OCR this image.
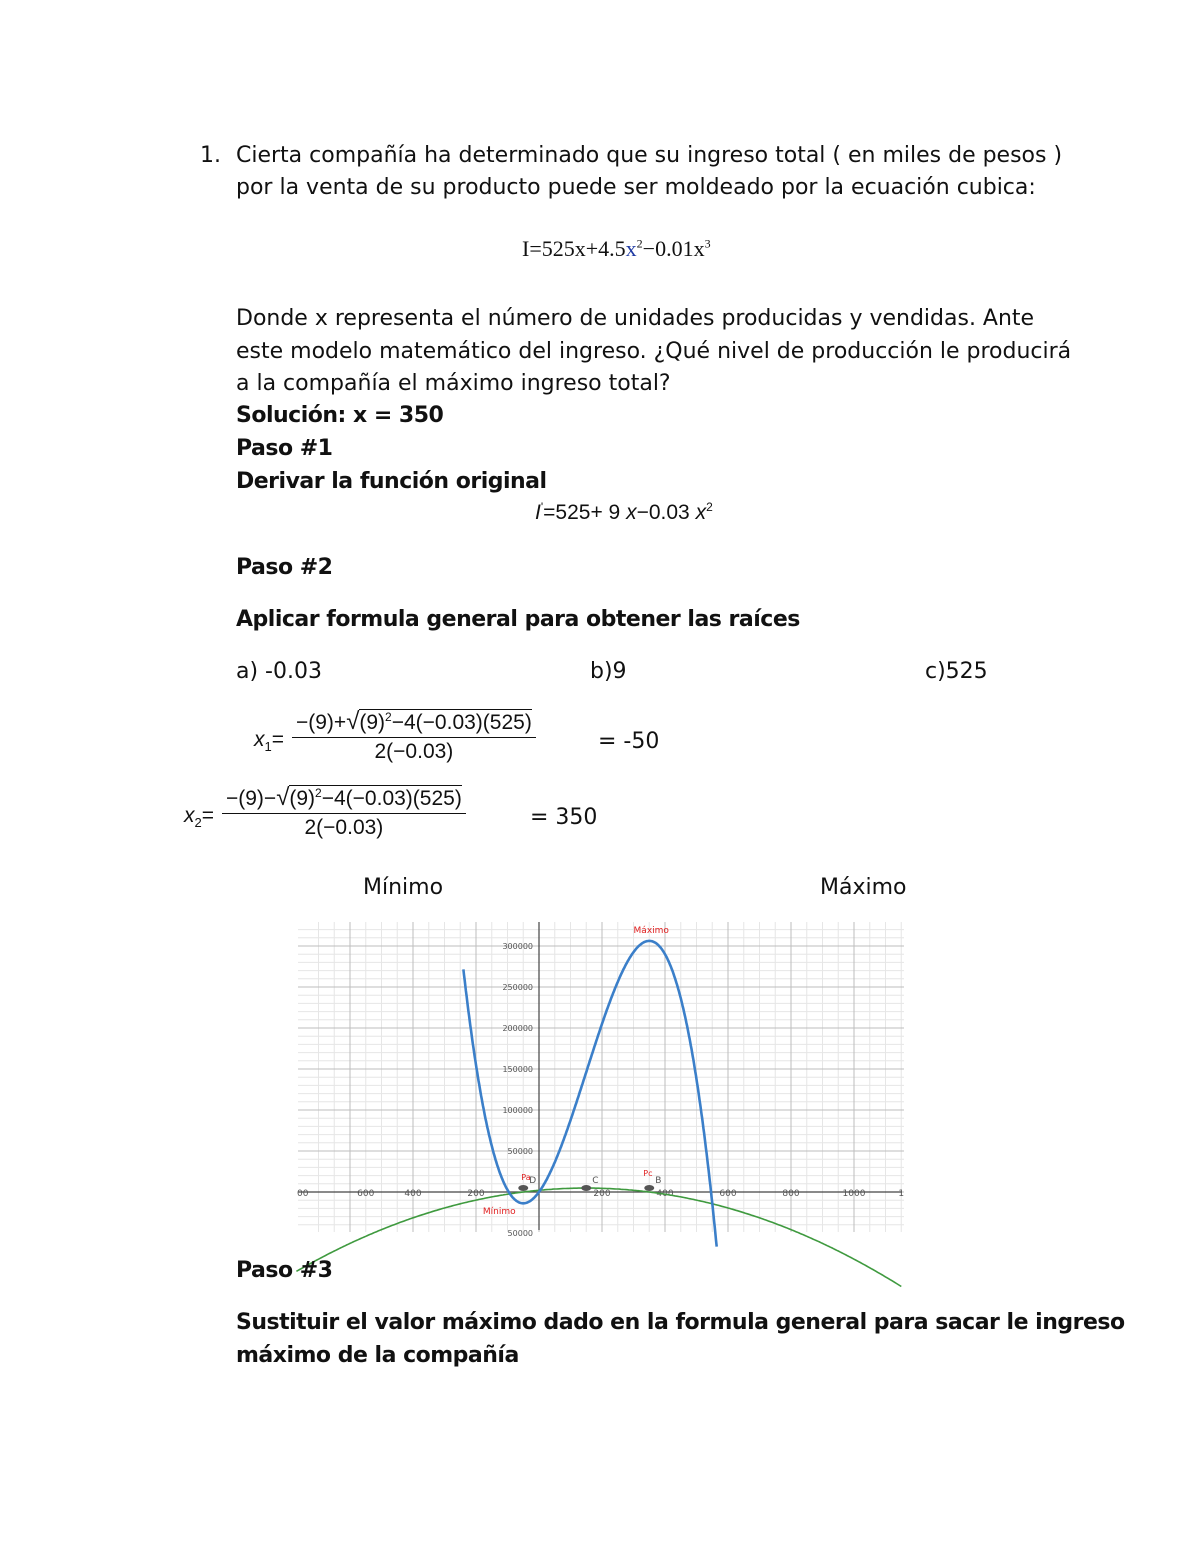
1. Cierta compañía ha determinado que su ingreso total ( en miles de pesos )
por la venta de su producto puede ser moldeado por la ecuación cubica:
$I=525x+4.5x^2-0.01x^3$
Donde x representa el número de unidades producidas y vendidas. Ante
este modelo matemático del ingreso. ¿Qué nivel de producción le producirá
a la compañía el máximo ingreso total?
Solución: x = 350
Paso #1
Derivar la función original
I'=525+ 9 x−0.03 $x^2$
Paso #2
Aplicar formula general para obtener las raíces
a) -0.03	b)9	c)525
$x_1= \frac{-(9)+√(9)^2-4(-0.03)(525)}{2(-0.03)}$	= -50
$x_2= \frac{-(9)-√(9)^2-4(-0.03)(525)}{2(-0.03)}$	= 350
Mínimo	Máximo
00	600	400	200	200	400	600	800	1000	1
300000
250000
200000
150000
100000
50000
50000
D	C	B
Máximo
Mínimo
Pa	Pc
Paso #3
Sustituir el valor máximo dado en la formula general para sacar le ingreso
máximo de la compañía
